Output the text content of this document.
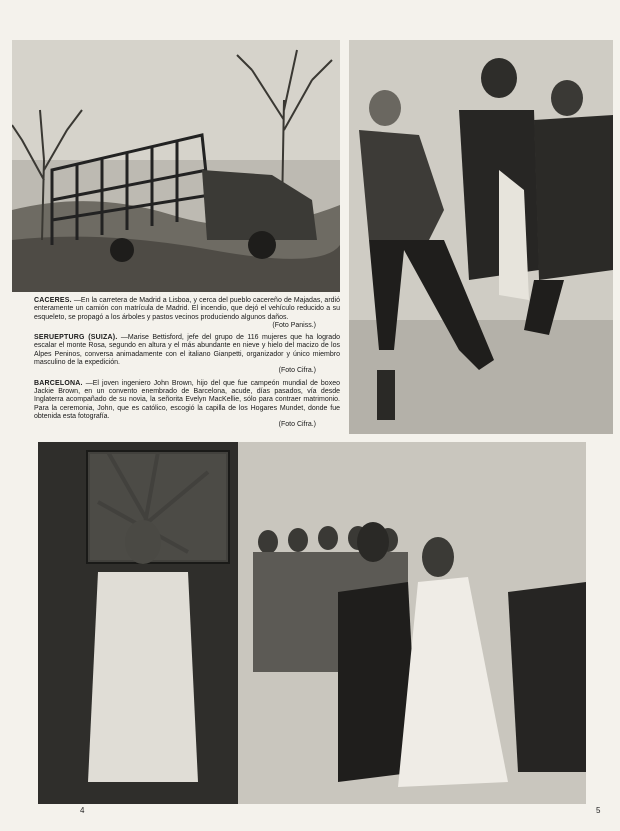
CACERES. —En la carretera de Madrid a Lisboa, y cerca del pueblo cacereño de Majadas, ardió enteramente un camión con matrícula de Madrid. El incendio, que dejó el vehículo reducido a su esqueleto, se propagó a los árboles y pastos vecinos produciendo algunos daños.
(Foto Paniss.)

SERUEPTURG (SUIZA). —Marise Bettisford, jefe del grupo de 116 mujeres que ha logrado escalar el monte Rosa, segundo en altura y el más abundante en nieve y hielo del macizo de los Alpes Peninos, conversa animadamente con el italiano Gianpetti, organizador y único miembro masculino de la expedición.
(Foto Cifra.)

BARCELONA. —El joven ingeniero John Brown, hijo del que fue campeón mundial de boxeo Jackie Brown, en un convento enembrado de Barcelona, acude, días pasados, vía desde Inglaterra acompañado de su novia, la señorita Evelyn MacKellie, sólo para contraer matrimonio. Para la ceremonia, John, que es católico, escogió la capilla de los Hogares Mundet, donde fue obtenida esta fotografía.
(Foto Cifra.)

4	5
